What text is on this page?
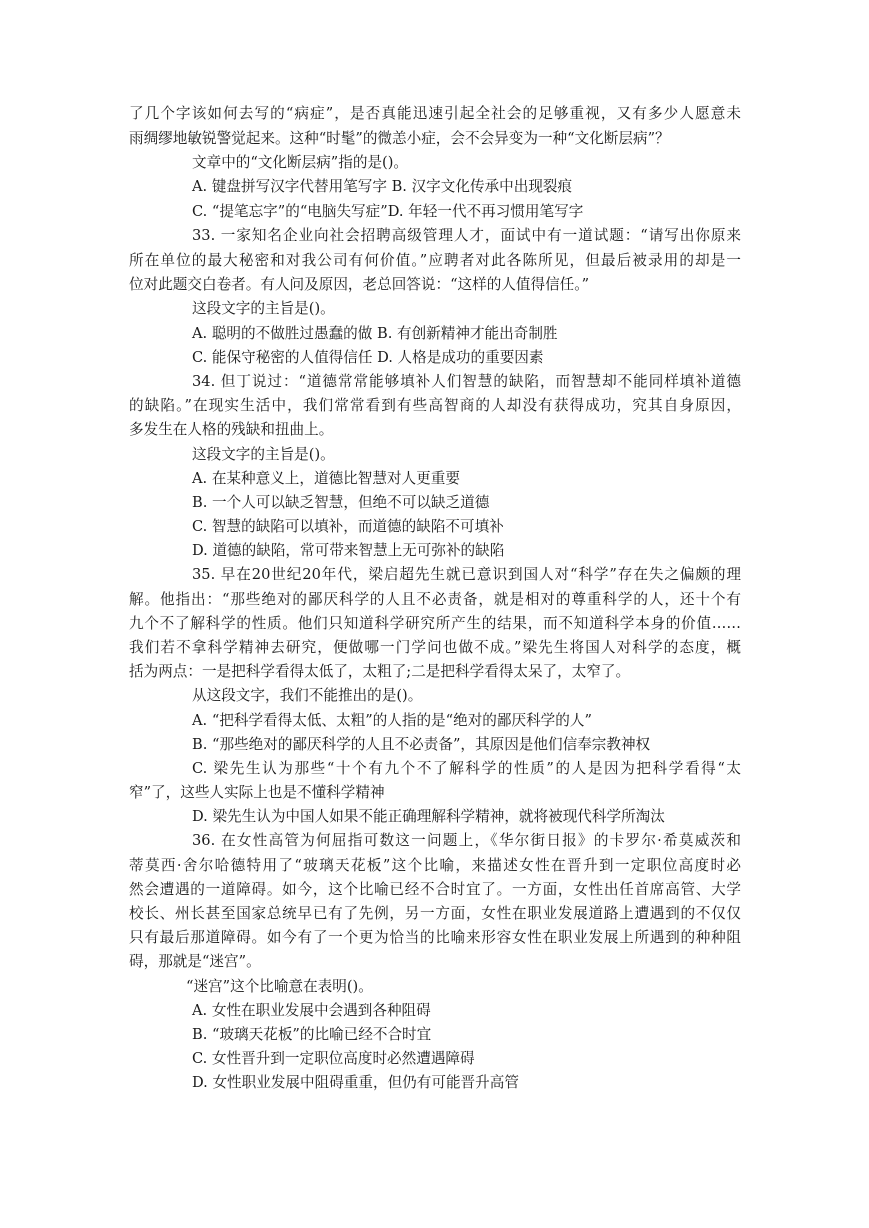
了几个字该如何去写的“病症”，是否真能迅速引起全社会的足够重视，又有多少人愿意未
雨绸缪地敏锐警觉起来。这种“时髦”的微恙小症，会不会异变为一种“文化断层病”？
文章中的“文化断层病”指的是()。
A. 键盘拼写汉字代替用笔写字 B. 汉字文化传承中出现裂痕
C. “提笔忘字”的“电脑失写症”D. 年轻一代不再习惯用笔写字
33. 一家知名企业向社会招聘高级管理人才，面试中有一道试题：“请写出你原来
所在单位的最大秘密和对我公司有何价值。”应聘者对此各陈所见，但最后被录用的却是一
位对此题交白卷者。有人问及原因，老总回答说：“这样的人值得信任。”
这段文字的主旨是()。
A. 聪明的不做胜过愚蠢的做 B. 有创新精神才能出奇制胜
C. 能保守秘密的人值得信任 D. 人格是成功的重要因素
34. 但丁说过：“道德常常能够填补人们智慧的缺陷，而智慧却不能同样填补道德
的缺陷。”在现实生活中，我们常常看到有些高智商的人却没有获得成功，究其自身原因，
多发生在人格的残缺和扭曲上。
这段文字的主旨是()。
A. 在某种意义上，道德比智慧对人更重要
B. 一个人可以缺乏智慧，但绝不可以缺乏道德
C. 智慧的缺陷可以填补，而道德的缺陷不可填补
D. 道德的缺陷，常可带来智慧上无可弥补的缺陷
35. 早在20世纪20年代，梁启超先生就已意识到国人对“科学”存在失之偏颇的理
解。他指出：“那些绝对的鄙厌科学的人且不必责备，就是相对的尊重科学的人，还十个有
九个不了解科学的性质。他们只知道科学研究所产生的结果，而不知道科学本身的价值……
我们若不拿科学精神去研究，便做哪一门学问也做不成。”梁先生将国人对科学的态度，概
括为两点：一是把科学看得太低了，太粗了;二是把科学看得太呆了，太窄了。
从这段文字，我们不能推出的是()。
A. “把科学看得太低、太粗”的人指的是“绝对的鄙厌科学的人”
B. “那些绝对的鄙厌科学的人且不必责备”，其原因是他们信奉宗教神权
C. 梁先生认为那些“十个有九个不了解科学的性质”的人是因为把科学看得“太
窄”了，这些人实际上也是不懂科学精神
D. 梁先生认为中国人如果不能正确理解科学精神，就将被现代科学所淘汰
36. 在女性高管为何屈指可数这一问题上，《华尔街日报》的卡罗尔·希莫威茨和
蒂莫西·舍尔哈德特用了“玻璃天花板”这个比喻，来描述女性在晋升到一定职位高度时必
然会遭遇的一道障碍。如今，这个比喻已经不合时宜了。一方面，女性出任首席高管、大学
校长、州长甚至国家总统早已有了先例，另一方面，女性在职业发展道路上遭遇到的不仅仅
只有最后那道障碍。如今有了一个更为恰当的比喻来形容女性在职业发展上所遇到的种种阻
碍，那就是“迷宫”。
“迷宫”这个比喻意在表明()。
A. 女性在职业发展中会遇到各种阻碍
B. “玻璃天花板”的比喻已经不合时宜
C. 女性晋升到一定职位高度时必然遭遇障碍
D. 女性职业发展中阻碍重重，但仍有可能晋升高管
